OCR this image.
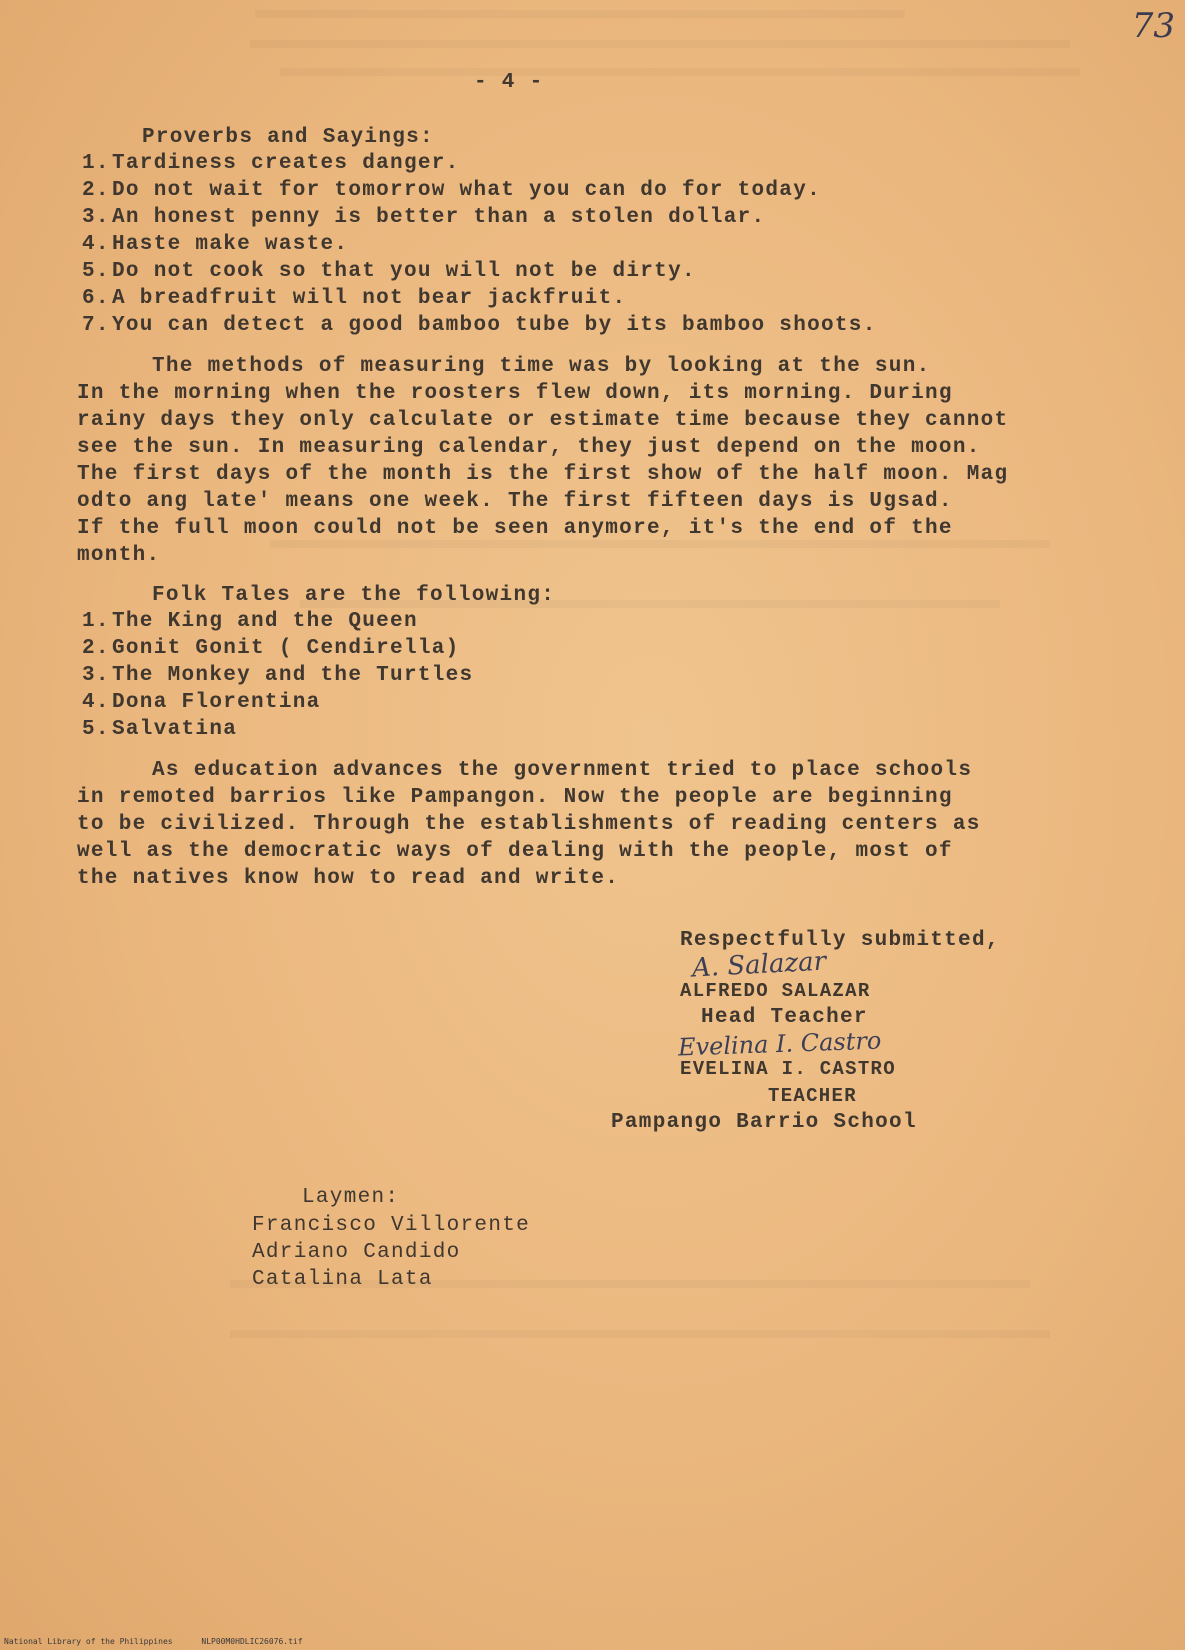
73
- 4 -
Proverbs and Sayings:
1. Tardiness creates danger.
2. Do not wait for tomorrow what you can do for today.
3. An honest penny is better than a stolen dollar.
4. Haste make waste.
5. Do not cook so that you will not be dirty.
6. A breadfruit will not bear jackfruit.
7. You can detect a good bamboo tube by its bamboo shoots.
The methods of measuring time was by looking at the sun.
In the morning when the roosters flew down, its morning. During
rainy days they only calculate or estimate time because they cannot
see the sun. In measuring calendar, they just depend on the moon.
The first days of the month is the first show of the half moon. Mag
odto ang late' means one week. The first fifteen days is Ugsad.
If the full moon could not be seen anymore, it's the end of the
month.
Folk Tales are the following:
1. The King and the Queen
2. Gonit Gonit ( Cendirella)
3. The Monkey and the Turtles
4. Dona Florentina
5. Salvatina
As education advances the government tried to place schools
in remoted barrios like Pampangon. Now the people are beginning
to be civilized. Through the establishments of reading centers as
well as the democratic ways of dealing with the people, most of
the natives know how to read and write.
Respectfully submitted,
A. Salazar
ALFREDO SALAZAR
Head Teacher
Evelina I. Castro
EVELINA I. CASTRO
TEACHER
Pampango Barrio School
Laymen:
Francisco Villorente
Adriano Candido
Catalina Lata
National Library of the Philippines	NLP00M0HDLIC26076.tif
